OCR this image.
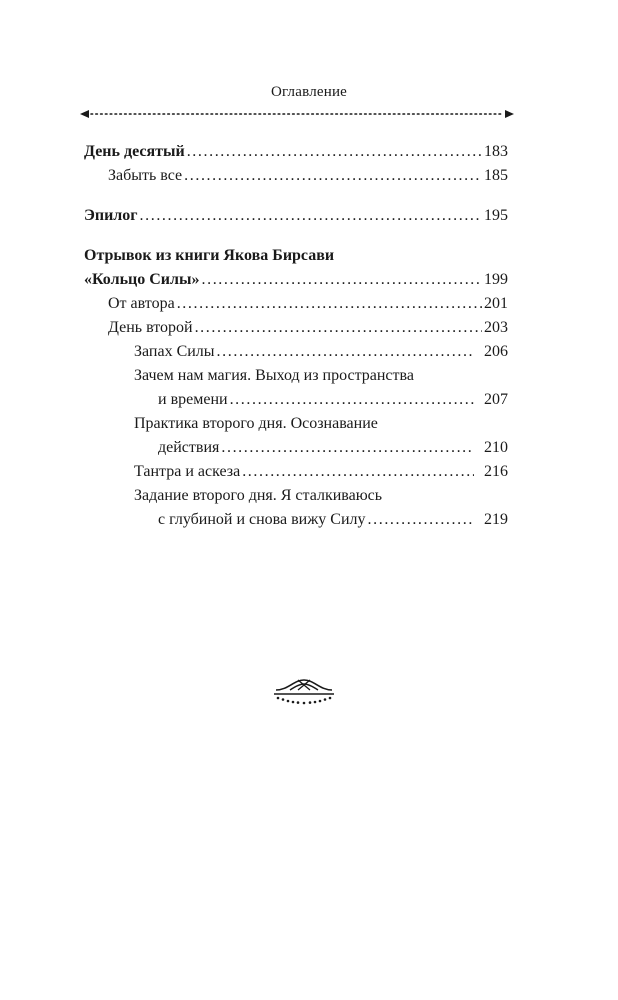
Оглавление
День десятый . . .	183
Забыть все . . .	185
Эпилог . . .	195
Отрывок из книги Якова Бирсави
«Кольцо Силы» . . .	199
От автора . . .	201
День второй . . .	203
Запах Силы . . .	206
Зачем нам магия. Выход из пространства
и времени . . .	207
Практика второго дня. Осознавание
действия . . .	210
Тантра и аскеза . . .	216
Задание второго дня. Я сталкиваюсь
с глубиной и снова вижу Силу . . .	219
